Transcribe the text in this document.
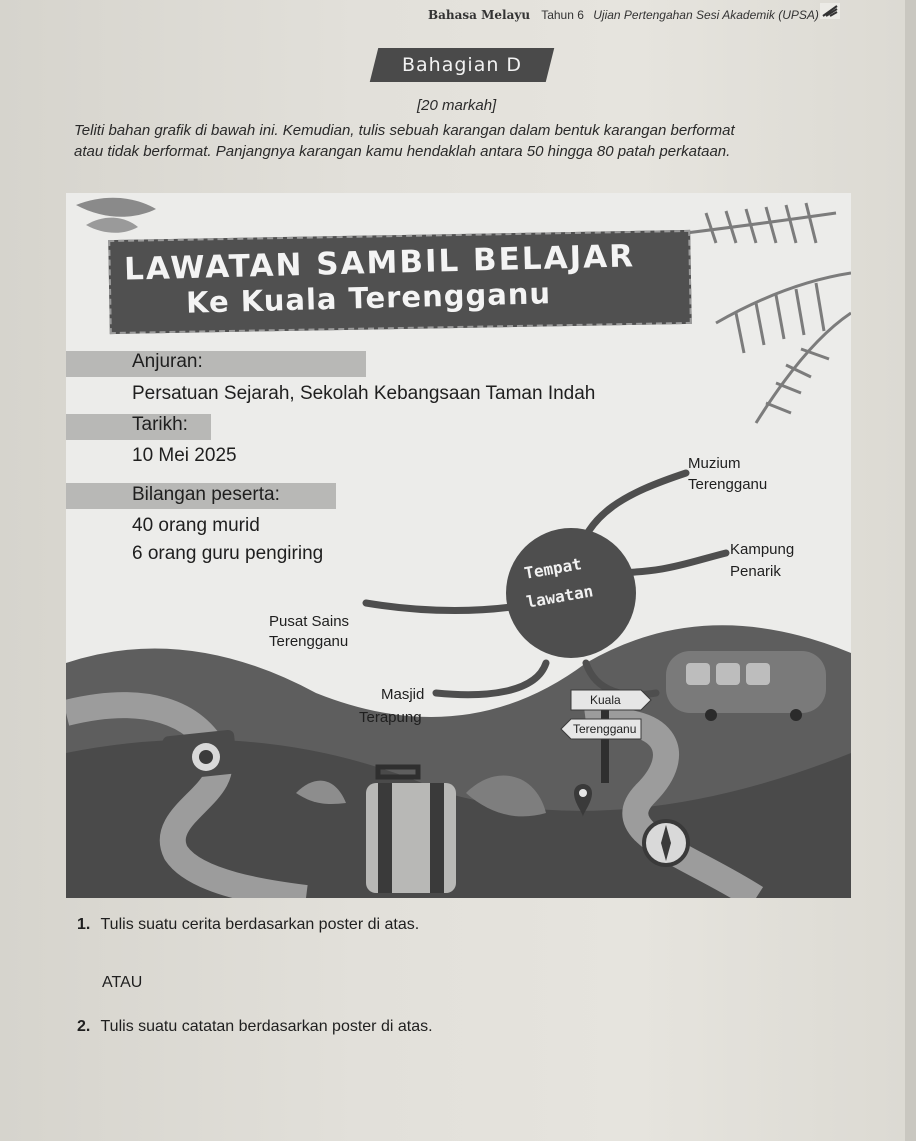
Bahasa Melayu Tahun 6 Ujian Pertengahan Sesi Akademik (UPSA)
Bahagian D
[20 markah]
Teliti bahan grafik di bawah ini. Kemudian, tulis sebuah karangan dalam bentuk karangan berformat
atau tidak berformat. Panjangnya karangan kamu hendaklah antara 50 hingga 80 patah perkataan.
LAWATAN SAMBIL BELAJAR
Ke Kuala Terengganu
Anjuran:
Persatuan Sejarah, Sekolah Kebangsaan Taman Indah
Tarikh:
10 Mei 2025
Bilangan peserta:
40 orang murid
6 orang guru pengiring
Tempat
lawatan
Muzium
Terengganu
Kampung
Penarik
Pusat Sains
Terengganu
Masjid
Terapung
Kuala
Terengganu
1. Tulis suatu cerita berdasarkan poster di atas.
ATAU
2. Tulis suatu catatan berdasarkan poster di atas.
